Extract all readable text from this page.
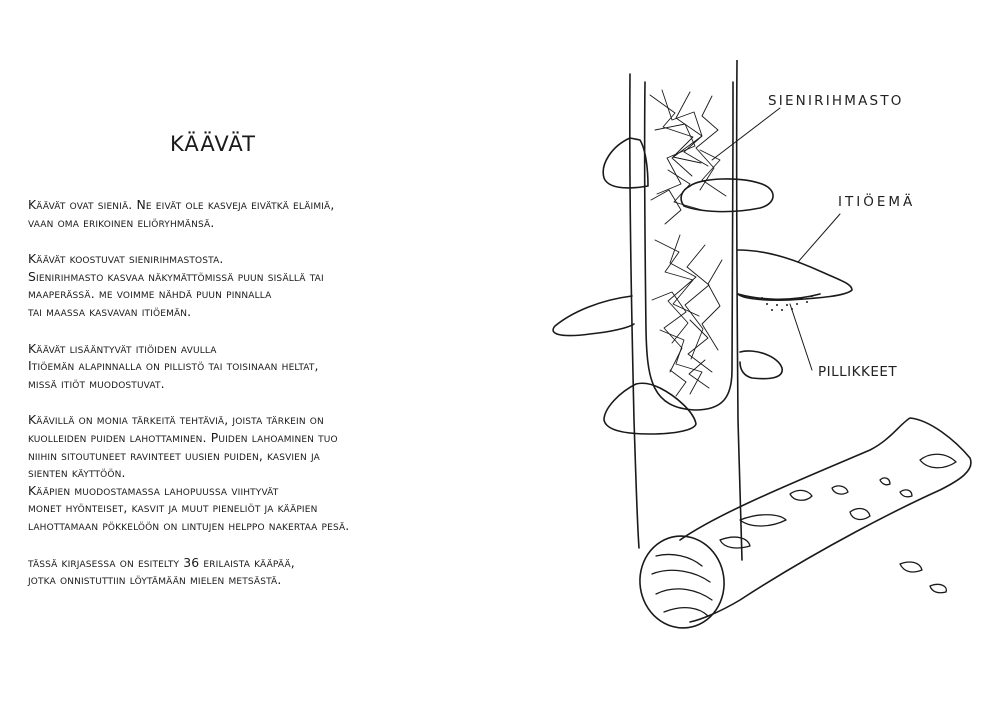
KÄÄVÄT

Käävät ovat sieniä. Ne eivät ole kasveja eivätkä eläimiä,
vaan oma erikoinen eliöryhmänsä.

Käävät koostuvat sienirihmastosta.
Sienirihmasto kasvaa näkymättömissä puun sisällä tai
maaperässä. me voimme nähdä puun pinnalla
tai maassa kasvavan itiöemän.

Käävät lisääntyvät itiöiden avulla
Itiöemän alapinnalla on pillistö tai toisinaan heltat,
missä itiöt muodostuvat.

Käävillä on monia tärkeitä tehtäviä, joista tärkein on
kuolleiden puiden lahottaminen. Puiden lahoaminen tuo
niihin sitoutuneet ravinteet uusien puiden, kasvien ja
sienten käyttöön.
Kääpien muodostamassa lahopuussa viihtyvät
monet hyönteiset, kasvit ja muut pieneliöt ja kääpien
lahottamaan pökkelöön on lintujen helppo nakertaa pesä.

tässä kirjasessa on esitelty 36 erilaista kääpää,
jotka onnistuttiin löytämään mielen metsästä.

SIENIRIHMASTO
ITIÖEMÄ
PILLIKKEET
